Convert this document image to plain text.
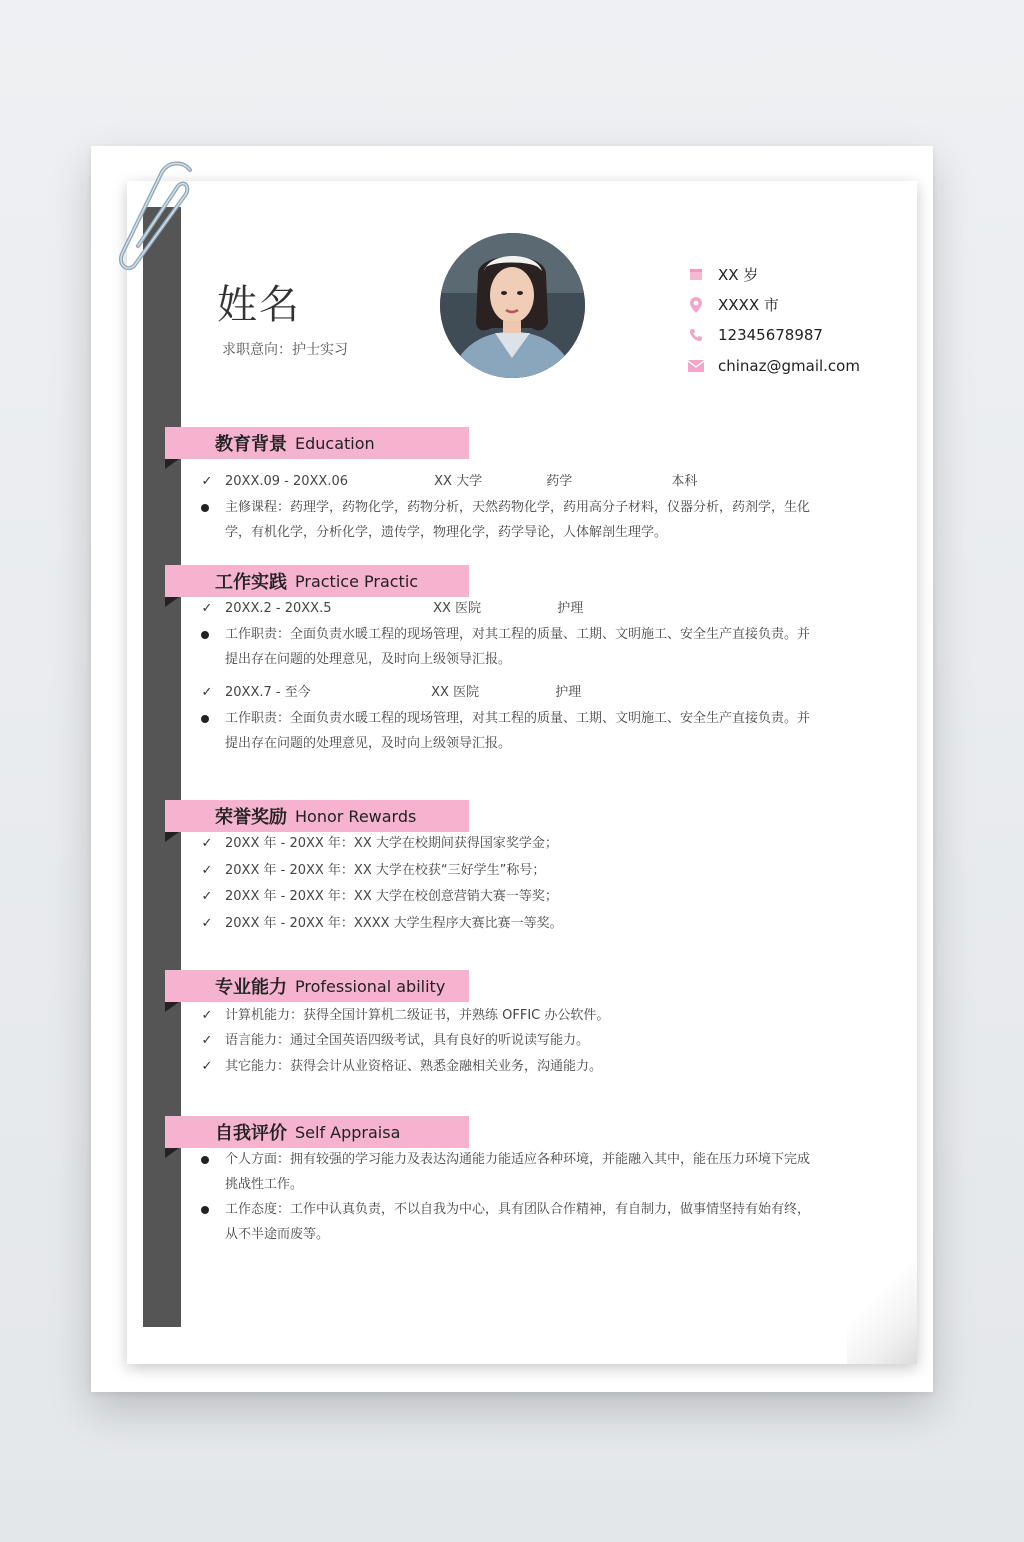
姓名
求职意向：护士实习
XX 岁
XXXX 市
12345678987
chinaz@gmail.com
教育背景 Education
✓ 20XX.09 - 20XX.06	XX 大学	药学	本科

主修课程：药理学，药物化学，药物分析，天然药物化学，药用高分子材料，仪器分析，药剂学，生化学，有机化学，分析化学，遗传学，物理化学，药学导论，人体解剖生理学。

工作实践 Practice Practic
✓ 20XX.2 - 20XX.5	XX 医院	护理

工作职责：全面负责水暖工程的现场管理，对其工程的质量、工期、文明施工、安全生产直接负责。并提出存在问题的处理意见，及时向上级领导汇报。

✓ 20XX.7 - 至今	XX 医院	护理

工作职责：全面负责水暖工程的现场管理，对其工程的质量、工期、文明施工、安全生产直接负责。并提出存在问题的处理意见，及时向上级领导汇报。

荣誉奖励 Honor Rewards
✓ 20XX 年 - 20XX 年：XX 大学在校期间获得国家奖学金；
✓ 20XX 年 - 20XX 年：XX 大学在校获“三好学生”称号；
✓ 20XX 年 - 20XX 年：XX 大学在校创意营销大赛一等奖；
✓ 20XX 年 - 20XX 年：XXXX 大学生程序大赛比赛一等奖。
专业能力 Professional ability
✓ 计算机能力：获得全国计算机二级证书，并熟练 OFFIC 办公软件。
✓ 语言能力：通过全国英语四级考试，具有良好的听说读写能力。
✓ 其它能力：获得会计从业资格证、熟悉金融相关业务，沟通能力。
自我评价 Self Appraisa

个人方面：拥有较强的学习能力及表达沟通能力能适应各种环境，并能融入其中，能在压力环境下完成挑战性工作。

工作态度：工作中认真负责，不以自我为中心，具有团队合作精神，有自制力，做事情坚持有始有终，从不半途而废等。
